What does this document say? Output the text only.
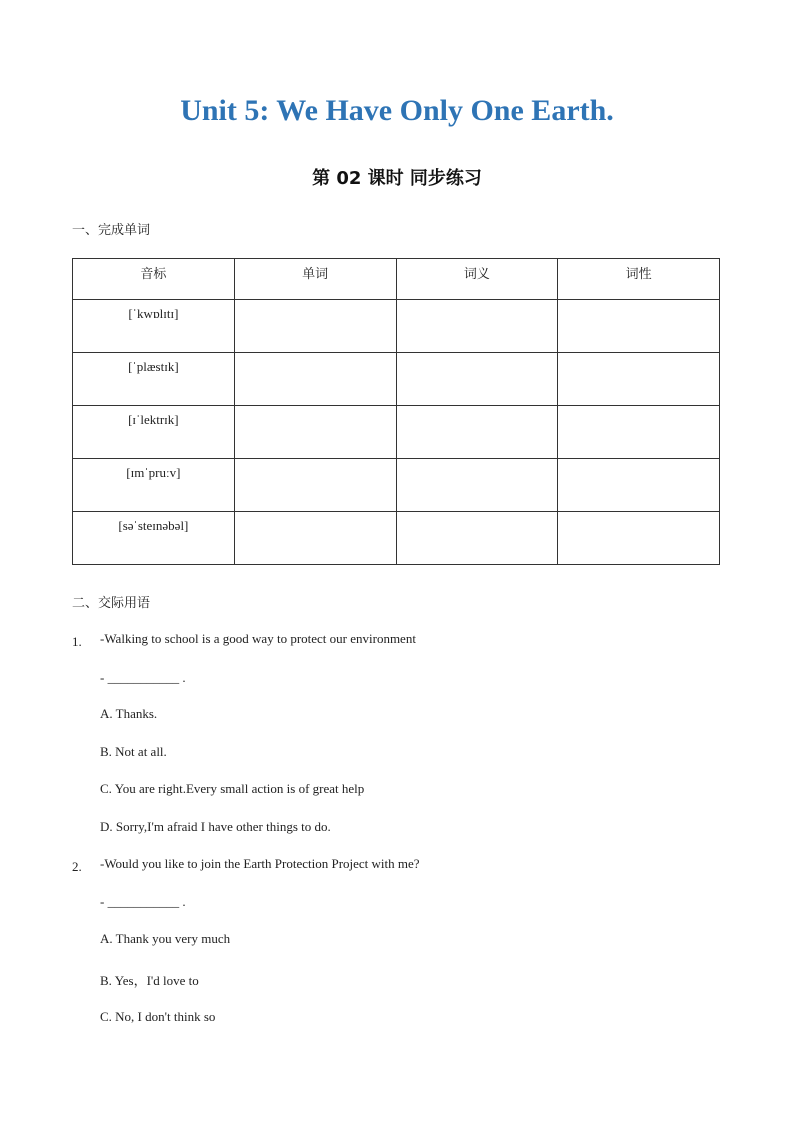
Unit 5: We Have Only One Earth.
第 02 课时 同步练习
一、完成单词
音标	单词	词义	词性
[ˈkwɒlɪtɪ]			
[ˈplæstɪk]			
[ɪˈlektrɪk]			
[ɪmˈpruːv]			
[səˈsteɪnəbəl]			
二、交际用语
1. -Walking to school is a good way to protect our environment
- ___________ .
A. Thanks.
B. Not at all.
C. You are right.Every small action is of great help
D. Sorry,I'm afraid I have other things to do.
2. -Would you like to join the Earth Protection Project with me?
- ___________ .
A. Thank you very much
B. Yes，I'd love to
C. No, I don't think so
